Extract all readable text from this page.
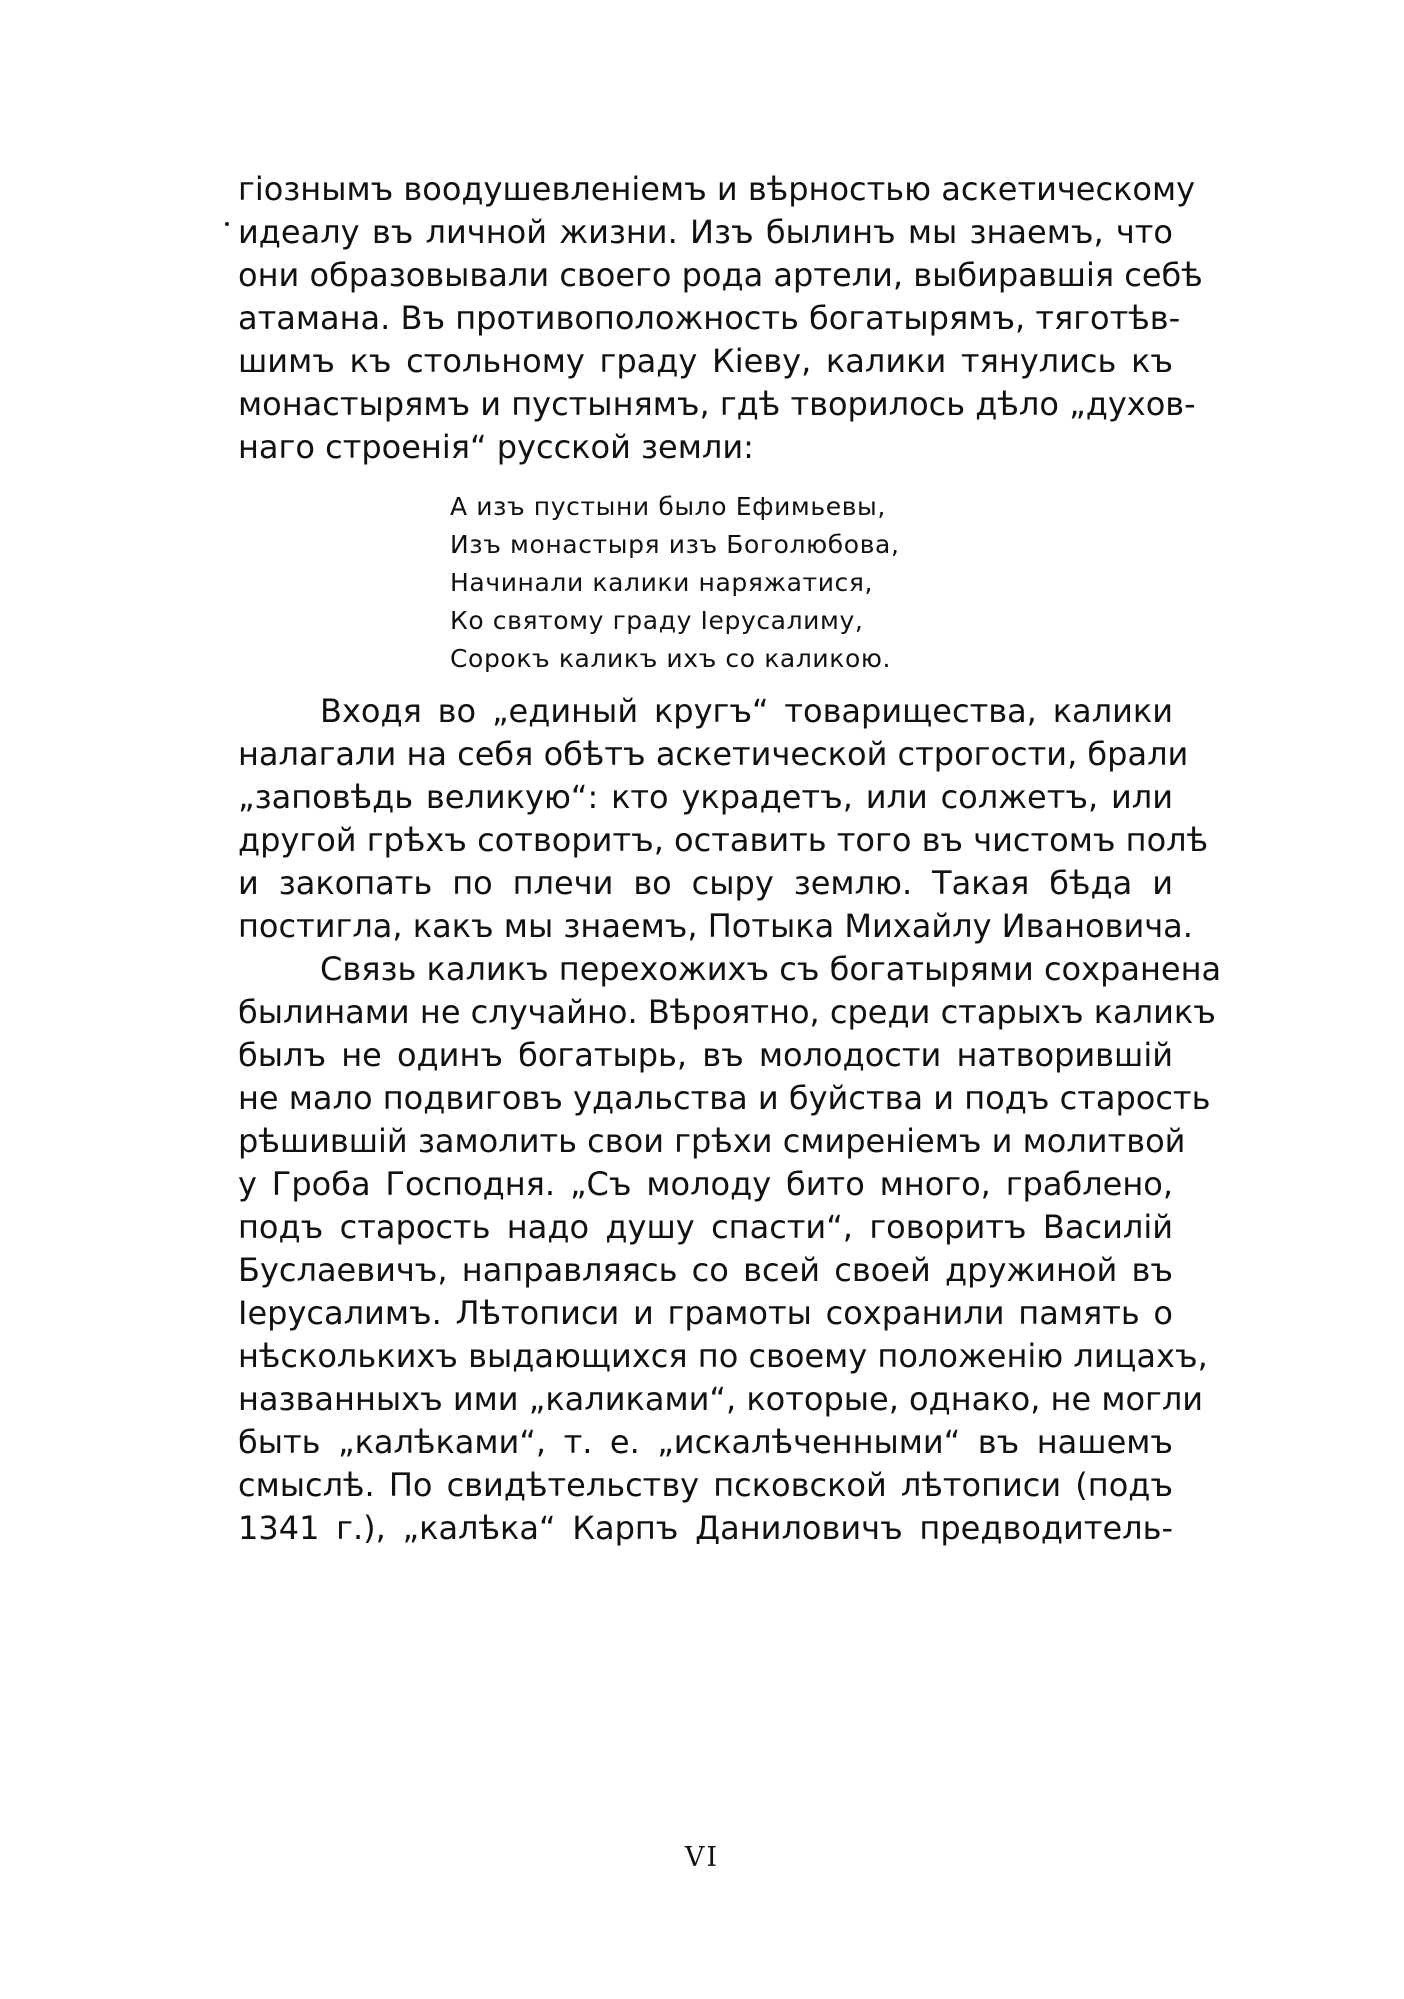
гіознымъ воодушевленіемъ и вѣрностью аскетическому
идеалу въ личной жизни. Изъ былинъ мы знаемъ, что
они образовывали своего рода артели, выбиравшія себѣ
атамана. Въ противоположность богатырямъ, тяготѣв-
шимъ къ стольному граду Кіеву, калики тянулись къ
монастырямъ и пустынямъ, гдѣ творилось дѣло „духов-
наго строенія“ русской земли:
А изъ пустыни было Ефимьевы,
Изъ монастыря изъ Боголюбова,
Начинали калики наряжатися,
Ко святому граду Іерусалиму,
Сорокъ каликъ ихъ со каликою.
Входя во „единый кругъ“ товарищества, калики
налагали на себя обѣтъ аскетической строгости, брали
„заповѣдь великую“: кто украдетъ, или солжетъ, или
другой грѣхъ сотворитъ, оставить того въ чистомъ полѣ
и закопать по плечи во сыру землю. Такая бѣда и
постигла, какъ мы знаемъ, Потыка Михайлу Ивановича.
Связь каликъ перехожихъ съ богатырями сохранена
былинами не случайно. Вѣроятно, среди старыхъ каликъ
былъ не одинъ богатырь, въ молодости натворившій
не мало подвиговъ удальства и буйства и подъ старость
рѣшившій замолить свои грѣхи смиреніемъ и молитвой
у Гроба Господня. „Съ молоду бито много, граблено,
подъ старость надо душу спасти“, говоритъ Василій
Буслаевичъ, направляясь со всей своей дружиной въ
Іерусалимъ. Лѣтописи и грамоты сохранили память о
нѣсколькихъ выдающихся по своему положенію лицахъ,
названныхъ ими „каликами“, которые, однако, не могли
быть „калѣками“, т. е. „искалѣченными“ въ нашемъ
смыслѣ. По свидѣтельству псковской лѣтописи (подъ
1341 г.), „калѣка“ Карпъ Даниловичъ предводитель-
VI
